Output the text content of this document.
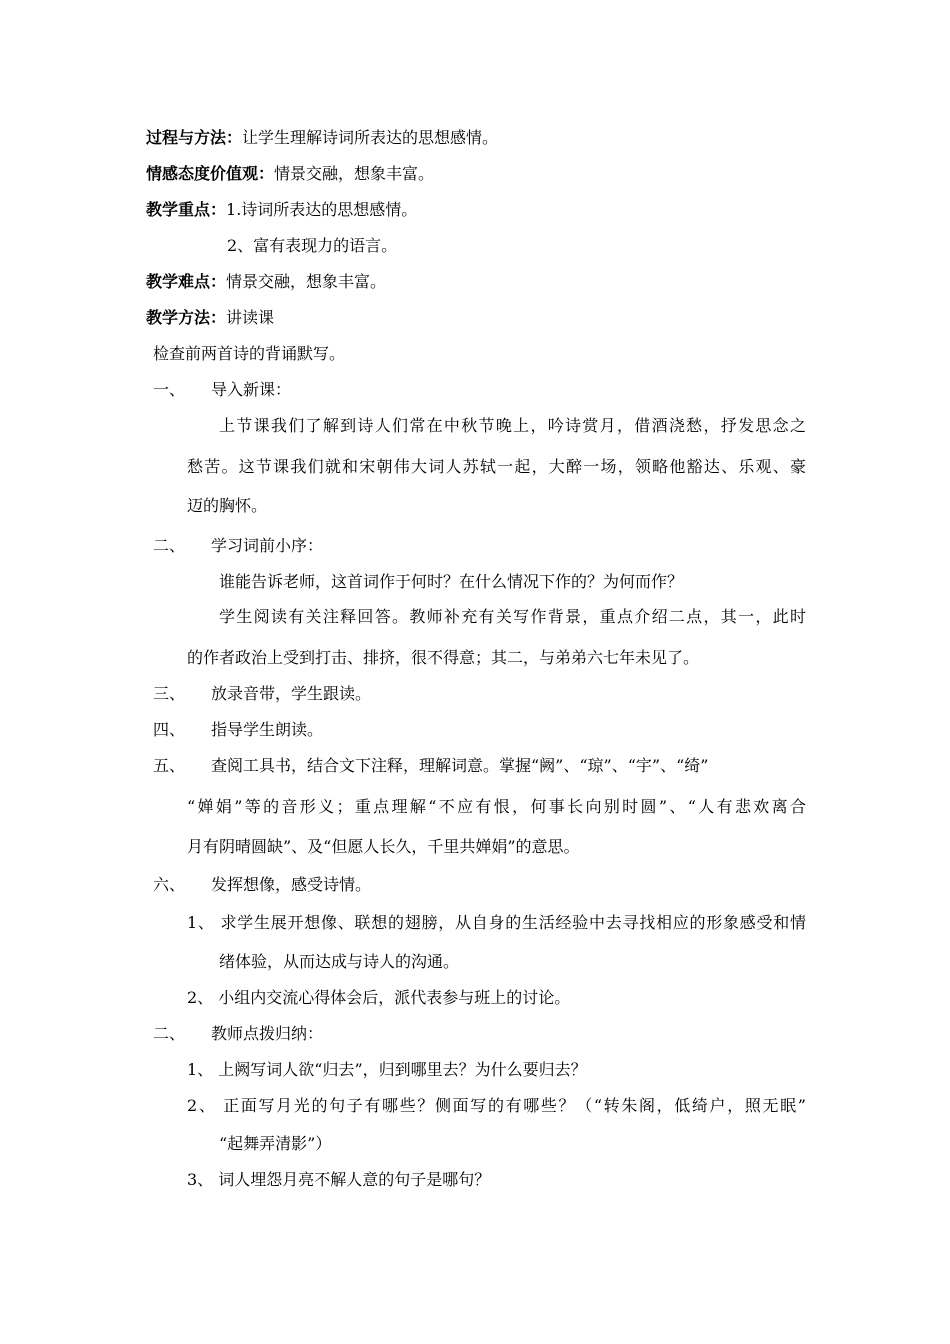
过程与方法：让学生理解诗词所表达的思想感情。
情感态度价值观：情景交融，想象丰富。
教学重点：1.诗词所表达的思想感情。
2、富有表现力的语言。
教学难点：情景交融，想象丰富。
教学方法：讲读课
检查前两首诗的背诵默写。
一、 导入新课：
上节课我们了解到诗人们常在中秋节晚上，吟诗赏月，借酒浇愁，抒发思念之
愁苦。这节课我们就和宋朝伟大词人苏轼一起，大醉一场，领略他豁达、乐观、豪
迈的胸怀。
二、 学习词前小序：
谁能告诉老师，这首词作于何时？在什么情况下作的？为何而作？
学生阅读有关注释回答。教师补充有关写作背景，重点介绍二点，其一，此时
的作者政治上受到打击、排挤，很不得意；其二，与弟弟六七年未见了。
三、 放录音带，学生跟读。
四、 指导学生朗读。
五、 查阅工具书，结合文下注释，理解词意。掌握“阙”、“琼”、“宇”、“绮”
“婵娟”等的音形义；重点理解“不应有恨，何事长向别时圆”、“人有悲欢离合
月有阴晴圆缺”、及“但愿人长久，千里共婵娟”的意思。
六、 发挥想像，感受诗情。
1、 求学生展开想像、联想的翅膀，从自身的生活经验中去寻找相应的形象感受和情
绪体验，从而达成与诗人的沟通。
2、 小组内交流心得体会后，派代表参与班上的讨论。
二、 教师点拨归纳：
1、 上阙写词人欲“归去”，归到哪里去？为什么要归去？
2、 正面写月光的句子有哪些？侧面写的有哪些？（“转朱阁，低绮户，照无眠”
“起舞弄清影”）
3、 词人埋怨月亮不解人意的句子是哪句？
